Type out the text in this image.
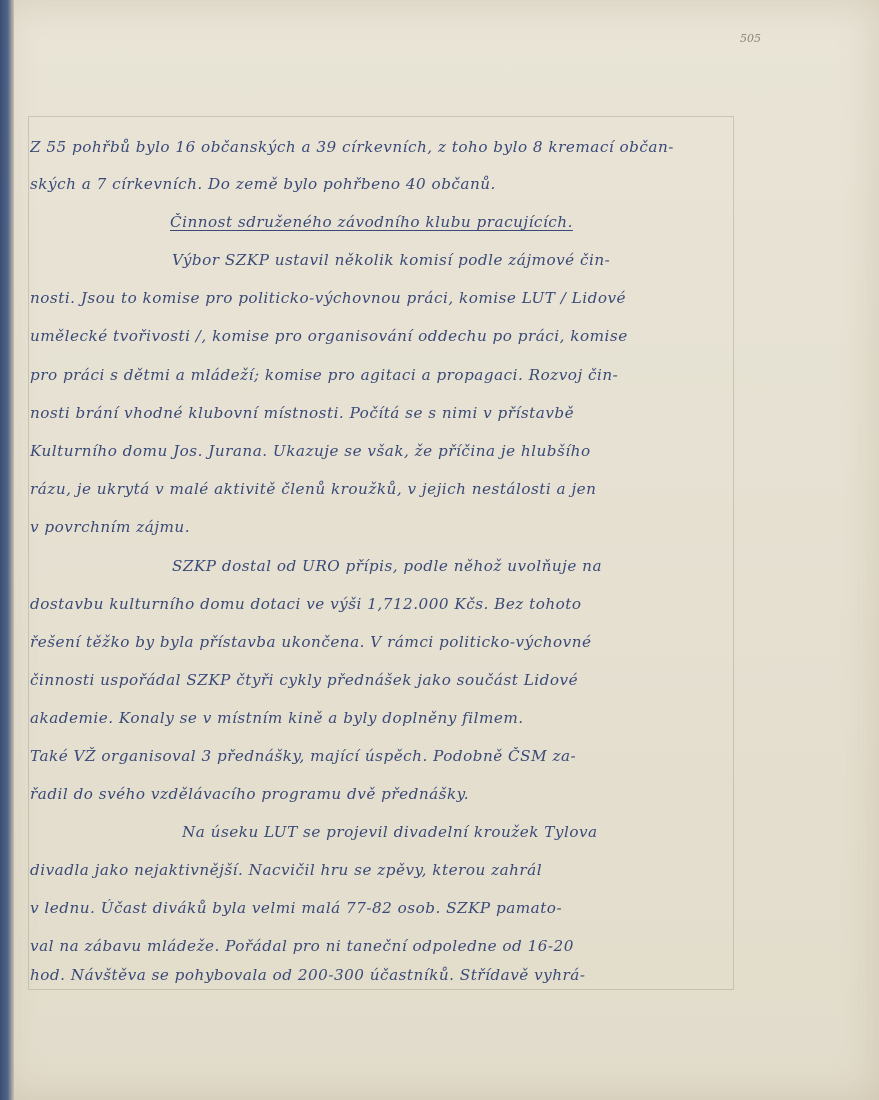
505
Z 55 pohřbů bylo 16 občanských a 39 církevních, z toho bylo 8 kremací občan-
ských a 7 církevních. Do země bylo pohřbeno 40 občanů.
Činnost sdruženého závodního klubu pracujících.
Výbor SZKP ustavil několik komisí podle zájmové čin-
nosti. Jsou to komise pro politicko-výchovnou práci, komise LUT / Lidové
umělecké tvořivosti /, komise pro organisování oddechu po práci, komise
pro práci s dětmi a mládeží; komise pro agitaci a propagaci. Rozvoj čin-
nosti brání vhodné klubovní místnosti. Počítá se s nimi v přístavbě
Kulturního domu Jos. Jurana. Ukazuje se však, že příčina je hlubšího
rázu, je ukrytá v malé aktivitě členů kroužků, v jejich nestálosti a jen
v povrchním zájmu.
SZKP dostal od URO přípis, podle něhož uvolňuje na
dostavbu kulturního domu dotaci ve výši 1,712.000 Kčs. Bez tohoto
řešení těžko by byla přístavba ukončena. V rámci politicko-výchovné
činnosti uspořádal SZKP čtyři cykly přednášek jako součást Lidové
akademie. Konaly se v místním kině a byly doplněny filmem.
Také VŽ organisoval 3 přednášky, mající úspěch. Podobně ČSM za-
řadil do svého vzdělávacího programu dvě přednášky.
Na úseku LUT se projevil divadelní kroužek Tylova
divadla jako nejaktivnější. Nacvičil hru se zpěvy, kterou zahrál
v lednu. Účast diváků byla velmi malá 77-82 osob. SZKP pamato-
val na zábavu mládeže. Pořádal pro ni taneční odpoledne od 16-20
hod. Návštěva se pohybovala od 200-300 účastníků. Střídavě vyhrá-
